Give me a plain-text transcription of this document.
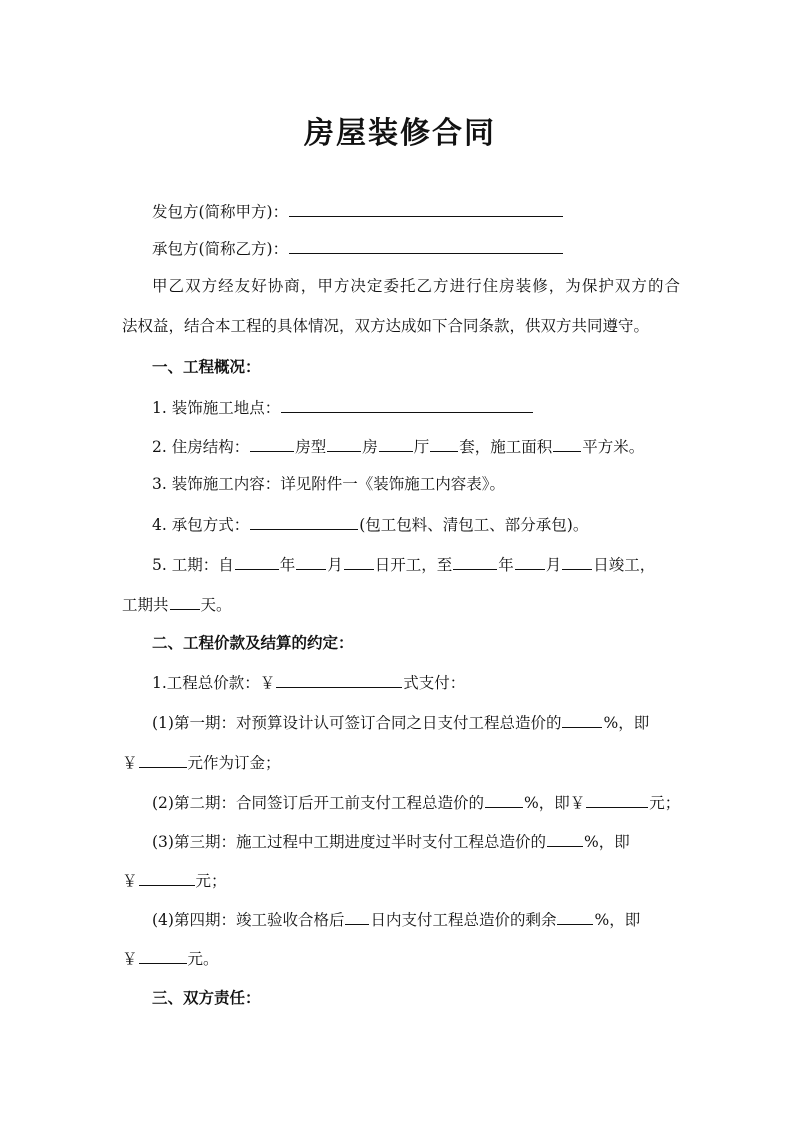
房屋装修合同
发包方(简称甲方)：
承包方(简称乙方)：
甲乙双方经友好协商，甲方决定委托乙方进行住房装修，为保护双方的合
法权益，结合本工程的具体情况，双方达成如下合同条款，供双方共同遵守。
一、工程概况：
1. 装饰施工地点：
2. 住房结构：	房型 房 厅 套，施工面积 平方米。
3. 装饰施工内容：详见附件一《装饰施工内容表》。
4. 承包方式：	(包工包料、清包工、部分承包)。
5. 工期：自	年 月 日开工，至	年 月 日竣工，
工期共 天。
二、工程价款及结算的约定：
1.工程总价款：￥	式支付：
(1)第一期：对预算设计认可签订合同之日支付工程总造价的	%，即
￥	元作为订金；
(2)第二期：合同签订后开工前支付工程总造价的	%，即￥	元；
(3)第三期：施工过程中工期进度过半时支付工程总造价的 %，即
￥	元；
(4)第四期：竣工验收合格后 日内支付工程总造价的剩余 %，即
￥	元。
三、双方责任：
